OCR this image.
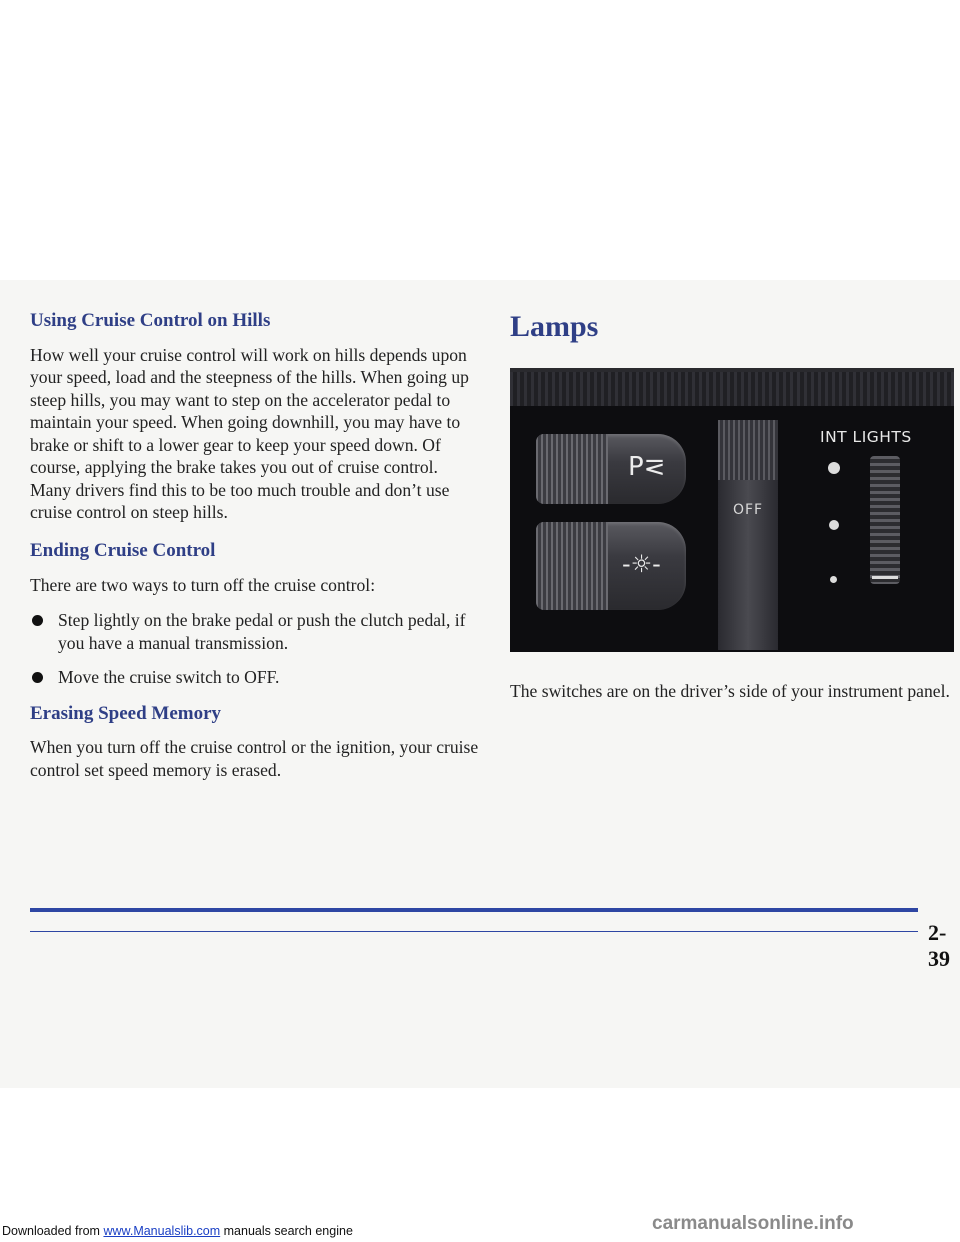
Using Cruise Control on Hills

How well your cruise control will work on hills depends upon your speed, load and the steepness of the hills. When going up steep hills, you may want to step on the accelerator pedal to maintain your speed. When going downhill, you may have to brake or shift to a lower gear to keep your speed down. Of course, applying the brake takes you out of cruise control. Many drivers find this to be too much trouble and don’t use cruise control on steep hills.

Ending Cruise Control

There are two ways to turn off the cruise control:

Step lightly on the brake pedal or push the clutch pedal, if you have a manual transmission.
Move the cruise switch to OFF.
Erasing Speed Memory

When you turn off the cruise control or the ignition, your cruise control set speed memory is erased.

Lamps
P⋜
-☼-
OFF
INT LIGHTS

The switches are on the driver’s side of your instrument panel.

2-39
Downloaded from www.Manualslib.com manuals search engine	carmanualsonline.info
